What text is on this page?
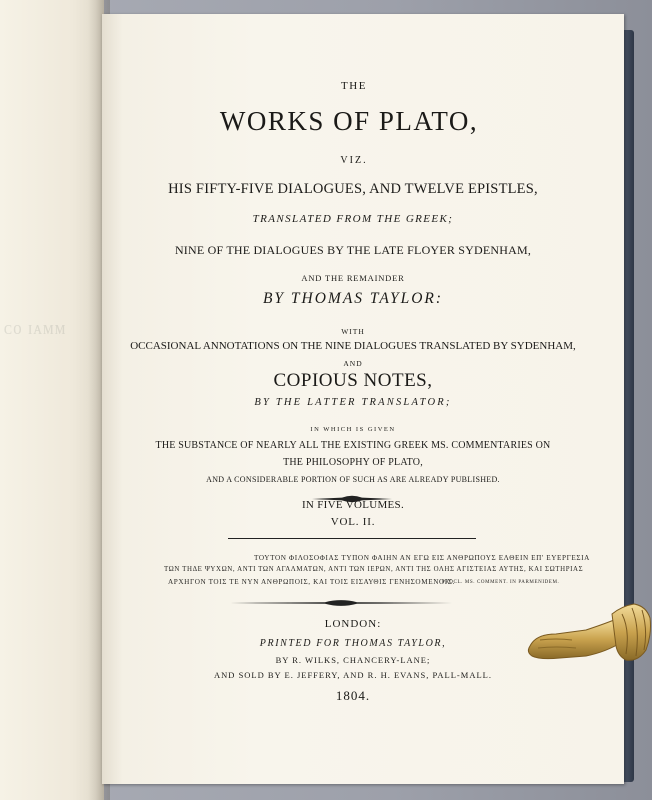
ᴄᴏ ɪᴀᴍᴍ
THE
WORKS OF PLATO,
VIZ.
HIS FIFTY-FIVE DIALOGUES, AND TWELVE EPISTLES,
TRANSLATED FROM THE GREEK;
NINE OF THE DIALOGUES BY THE LATE FLOYER SYDENHAM,
AND THE REMAINDER
BY THOMAS TAYLOR:
WITH
OCCASIONAL ANNOTATIONS ON THE NINE DIALOGUES TRANSLATED BY SYDENHAM,
AND
COPIOUS NOTES,
BY THE LATTER TRANSLATOR;
IN WHICH IS GIVEN
THE SUBSTANCE OF NEARLY ALL THE EXISTING GREEK MS. COMMENTARIES ON
THE PHILOSOPHY OF PLATO,
AND A CONSIDERABLE PORTION OF SUCH AS ARE ALREADY PUBLISHED.
IN FIVE VOLUMES.
VOL. II.
ΤΟΥΤΟΝ ΦΙΛΟΣΟΦΙΑΣ ΤΥΠΟΝ ΦΑΙΗΝ ΑΝ ΕΓΩ ΕΙΣ ΑΝΘΡΩΠΟΥΣ ΕΛΘΕΙΝ ΕΠ' ΕΥΕΡΓΕΣΙΑ
ΤΩΝ ΤΗΔΕ ΨΥΧΩΝ, ΑΝΤΙ ΤΩΝ ΑΓΑΛΜΑΤΩΝ, ΑΝΤΙ ΤΩΝ ΙΕΡΩΝ, ΑΝΤΙ ΤΗΣ ΟΛΗΣ ΑΓΙΣΤΕΙΑΣ ΑΥΤΗΣ, ΚΑΙ ΣΩΤΗΡΙΑΣ
ΑΡΧΗΓΟΝ ΤΟΙΣ ΤΕ ΝΥΝ ΑΝΘΡΩΠΟΙΣ, ΚΑΙ ΤΟΙΣ ΕΙΣΑΥΘΙΣ ΓΕΝΗΣΟΜΕΝΟΙΣ.
PROCL. MS. COMMENT. IN PARMENIDEM.
LONDON:
PRINTED FOR THOMAS TAYLOR,
BY R. WILKS, CHANCERY-LANE;
AND SOLD BY E. JEFFERY, AND R. H. EVANS, PALL-MALL.
1804.
